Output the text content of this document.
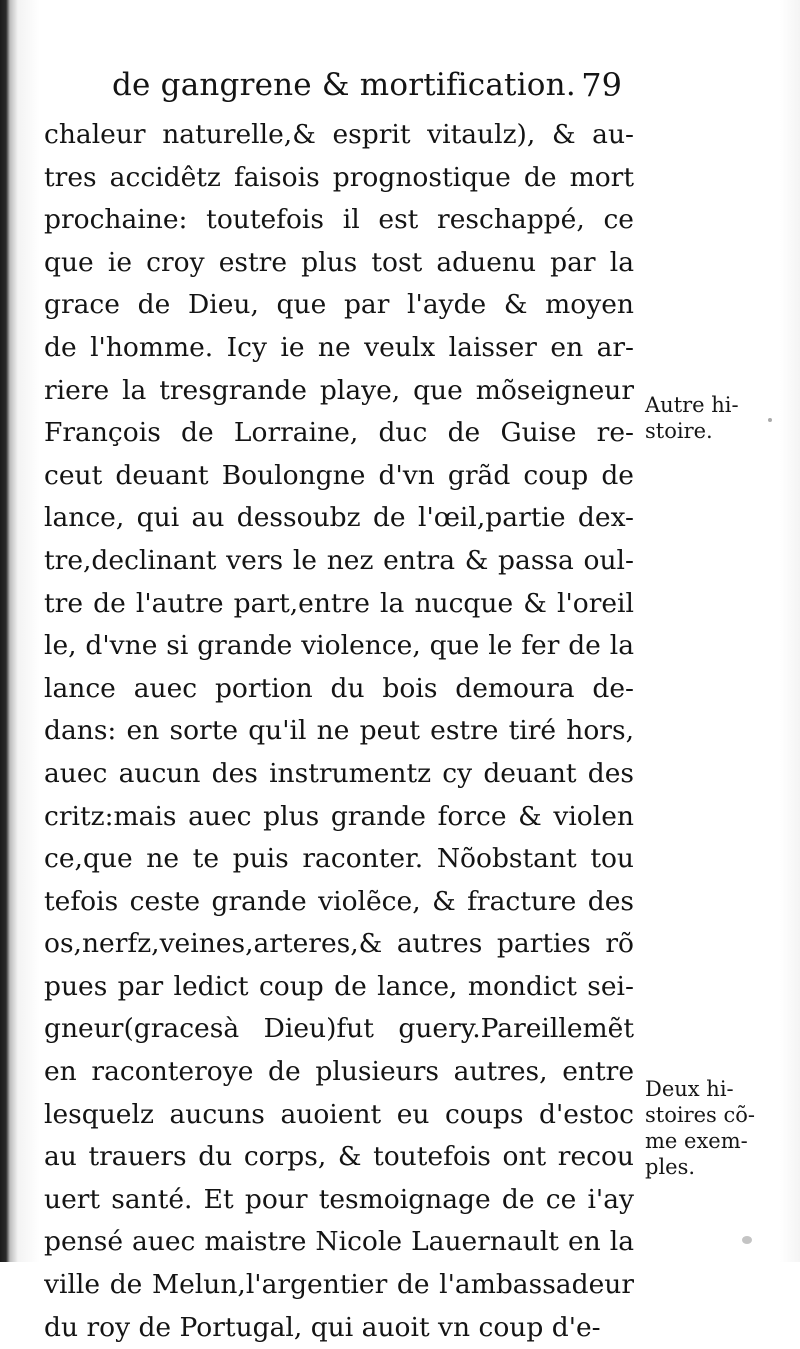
de gangrene & mortification. 79
chaleur naturelle,& esprit vitaulz), & au-
tres accidêtz faisois prognostique de mort
prochaine: toutefois il est reschappé, ce
que ie croy estre plus tost aduenu par la
grace de Dieu, que par l'ayde & moyen
de l'homme. Icy ie ne veulx laisser en ar-
riere la tresgrande playe, que mõseigneur
François de Lorraine, duc de Guise re-
ceut deuant Boulongne d'vn grãd coup de
lance, qui au dessoubz de l'œil,partie dex-
tre,declinant vers le nez entra & passa oul-
tre de l'autre part,entre la nucque & l'oreil
le, d'vne si grande violence, que le fer de la
lance auec portion du bois demoura de-
dans: en sorte qu'il ne peut estre tiré hors,
auec aucun des instrumentz cy deuant des
critz:mais auec plus grande force & violen
ce,que ne te puis raconter. Nõobstant tou
tefois ceste grande violẽce, & fracture des
os,nerfz,veines,arteres,& autres parties rõ
pues par ledict coup de lance, mondict sei-
gneur(gracesà Dieu)fut guery.Pareillemẽt
en raconteroye de plusieurs autres, entre
lesquelz aucuns auoient eu coups d'estoc
au trauers du corps, & toutefois ont recou
uert santé. Et pour tesmoignage de ce i'ay
pensé auec maistre Nicole Lauernault en la
ville de Melun,l'argentier de l'ambassadeur
du roy de Portugal, qui auoit vn coup d'e-
Autre hi-
stoire.
Deux hi-
stoires cõ-
me exem-
ples.
